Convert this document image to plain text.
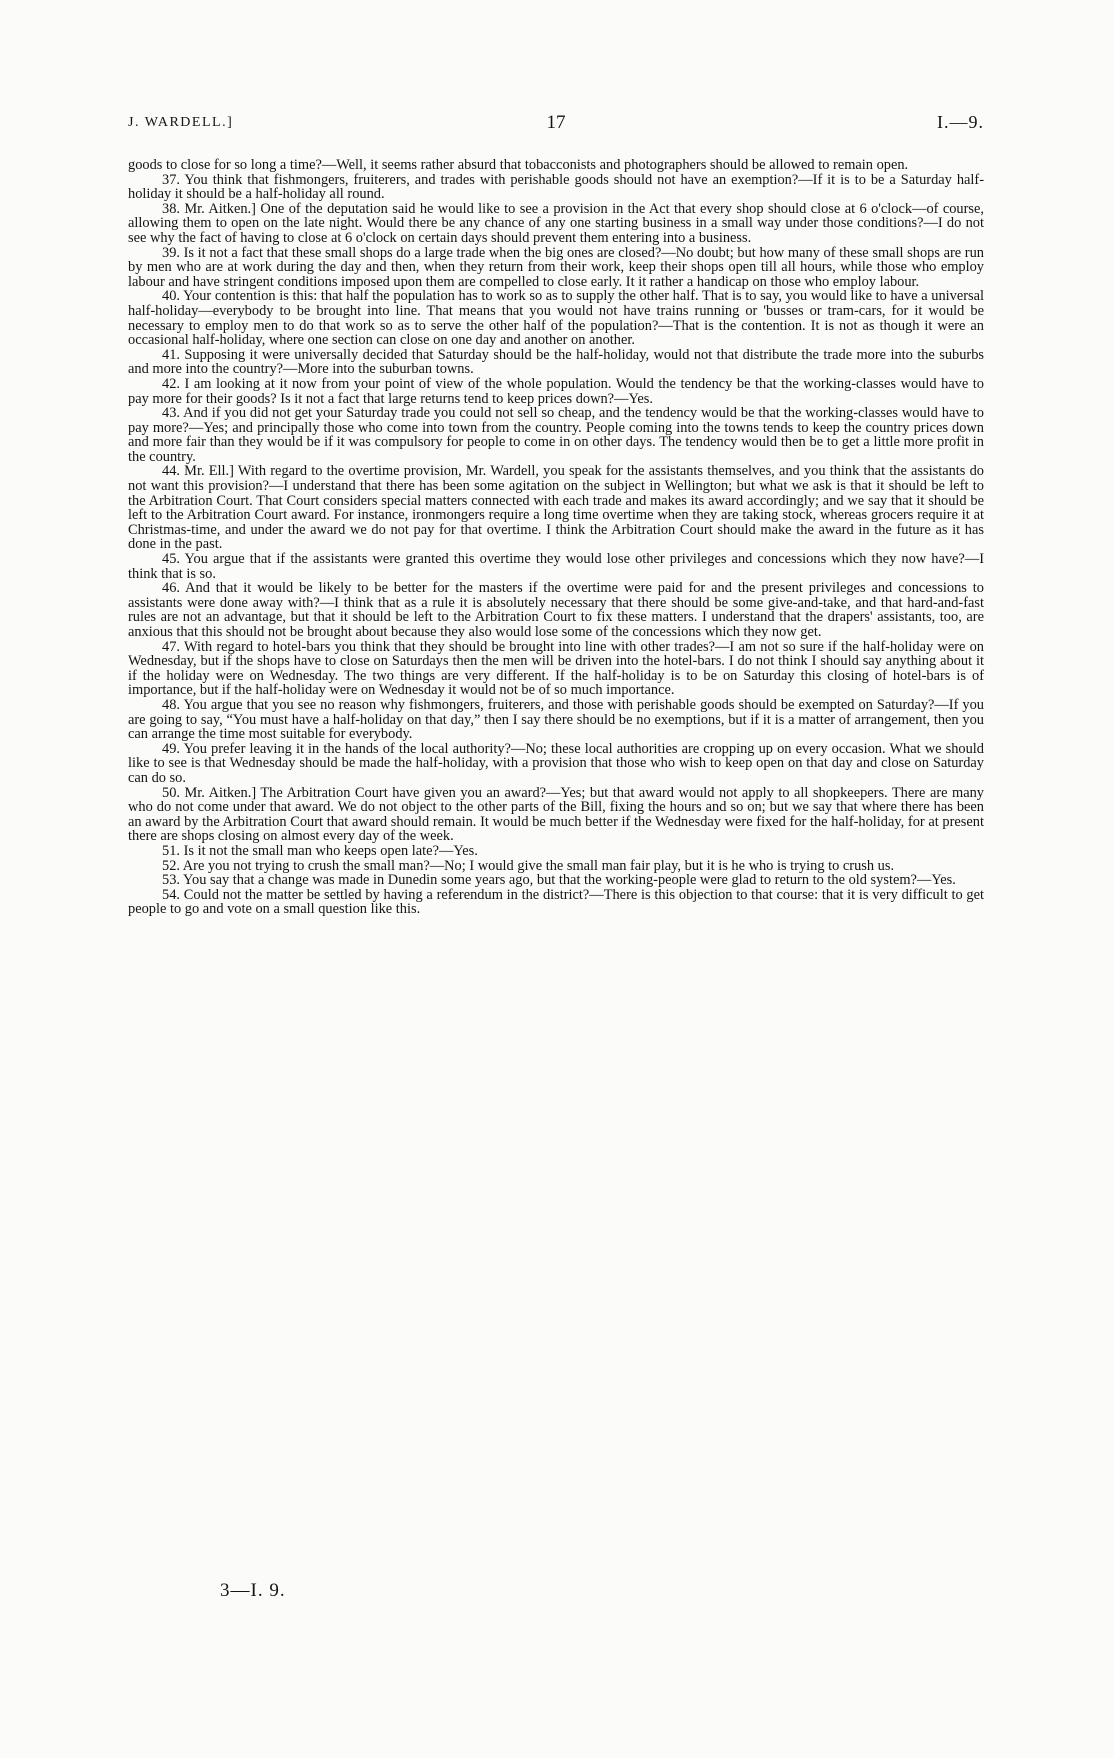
J. WARDELL.]	17	I.—9.

goods to close for so long a time?—Well, it seems rather absurd that tobacconists and photographers should be allowed to remain open.

37. You think that fishmongers, fruiterers, and trades with perishable goods should not have an exemption?—If it is to be a Saturday half-holiday it should be a half-holiday all round.

38. Mr. Aitken.] One of the deputation said he would like to see a provision in the Act that every shop should close at 6 o'clock—of course, allowing them to open on the late night. Would there be any chance of any one starting business in a small way under those conditions?—I do not see why the fact of having to close at 6 o'clock on certain days should prevent them entering into a business.

39. Is it not a fact that these small shops do a large trade when the big ones are closed?—No doubt; but how many of these small shops are run by men who are at work during the day and then, when they return from their work, keep their shops open till all hours, while those who employ labour and have stringent conditions imposed upon them are compelled to close early. It it rather a handicap on those who employ labour.

40. Your contention is this: that half the population has to work so as to supply the other half. That is to say, you would like to have a universal half-holiday—everybody to be brought into line. That means that you would not have trains running or 'busses or tram-cars, for it would be necessary to employ men to do that work so as to serve the other half of the population?—That is the contention. It is not as though it were an occasional half-holiday, where one section can close on one day and another on another.

41. Supposing it were universally decided that Saturday should be the half-holiday, would not that distribute the trade more into the suburbs and more into the country?—More into the suburban towns.

42. I am looking at it now from your point of view of the whole population. Would the tendency be that the working-classes would have to pay more for their goods? Is it not a fact that large returns tend to keep prices down?—Yes.

43. And if you did not get your Saturday trade you could not sell so cheap, and the tendency would be that the working-classes would have to pay more?—Yes; and principally those who come into town from the country. People coming into the towns tends to keep the country prices down and more fair than they would be if it was compulsory for people to come in on other days. The tendency would then be to get a little more profit in the country.

44. Mr. Ell.] With regard to the overtime provision, Mr. Wardell, you speak for the assistants themselves, and you think that the assistants do not want this provision?—I understand that there has been some agitation on the subject in Wellington; but what we ask is that it should be left to the Arbitration Court. That Court considers special matters connected with each trade and makes its award accordingly; and we say that it should be left to the Arbitration Court award. For instance, ironmongers require a long time overtime when they are taking stock, whereas grocers require it at Christmas-time, and under the award we do not pay for that overtime. I think the Arbitration Court should make the award in the future as it has done in the past.

45. You argue that if the assistants were granted this overtime they would lose other privileges and concessions which they now have?—I think that is so.

46. And that it would be likely to be better for the masters if the overtime were paid for and the present privileges and concessions to assistants were done away with?—I think that as a rule it is absolutely necessary that there should be some give-and-take, and that hard-and-fast rules are not an advantage, but that it should be left to the Arbitration Court to fix these matters. I understand that the drapers' assistants, too, are anxious that this should not be brought about because they also would lose some of the concessions which they now get.

47. With regard to hotel-bars you think that they should be brought into line with other trades?—I am not so sure if the half-holiday were on Wednesday, but if the shops have to close on Saturdays then the men will be driven into the hotel-bars. I do not think I should say anything about it if the holiday were on Wednesday. The two things are very different. If the half-holiday is to be on Saturday this closing of hotel-bars is of importance, but if the half-holiday were on Wednesday it would not be of so much importance.

48. You argue that you see no reason why fishmongers, fruiterers, and those with perishable goods should be exempted on Saturday?—If you are going to say, “You must have a half-holiday on that day,” then I say there should be no exemptions, but if it is a matter of arrangement, then you can arrange the time most suitable for everybody.

49. You prefer leaving it in the hands of the local authority?—No; these local authorities are cropping up on every occasion. What we should like to see is that Wednesday should be made the half-holiday, with a provision that those who wish to keep open on that day and close on Saturday can do so.

50. Mr. Aitken.] The Arbitration Court have given you an award?—Yes; but that award would not apply to all shopkeepers. There are many who do not come under that award. We do not object to the other parts of the Bill, fixing the hours and so on; but we say that where there has been an award by the Arbitration Court that award should remain. It would be much better if the Wednesday were fixed for the half-holiday, for at present there are shops closing on almost every day of the week.

51. Is it not the small man who keeps open late?—Yes.

52. Are you not trying to crush the small man?—No; I would give the small man fair play, but it is he who is trying to crush us.

53. You say that a change was made in Dunedin some years ago, but that the working-people were glad to return to the old system?—Yes.

54. Could not the matter be settled by having a referendum in the district?—There is this objection to that course: that it is very difficult to get people to go and vote on a small question like this.

3—I. 9.
